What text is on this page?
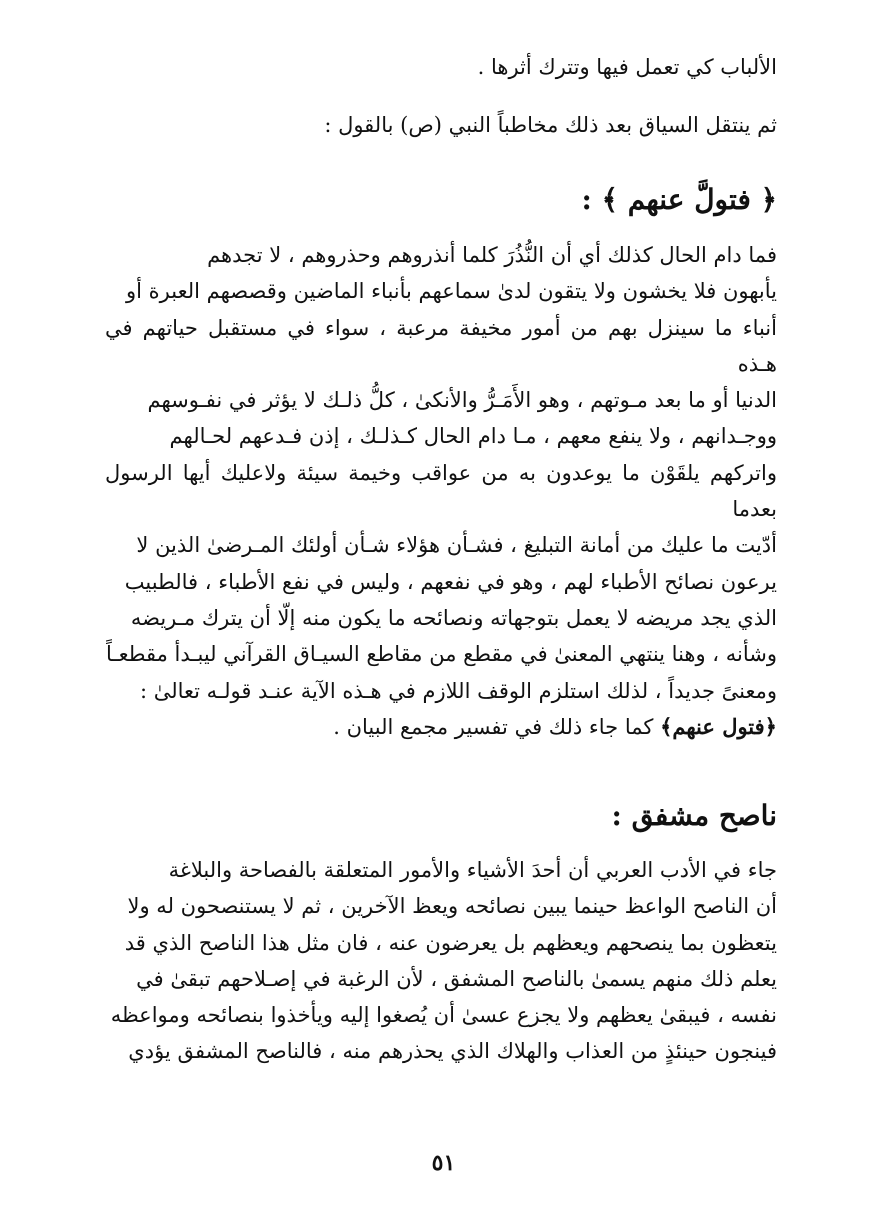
الألباب كي تعمل فيها وتترك أثرها .
ثم ينتقل السياق بعد ذلك مخاطباً النبي (ص) بالقول :
﴿ فتولَّ عنهم ﴾ :
فما دام الحال كذلك أي أن النُّذُرَ كلما أنذروهم وحذروهم ، لا تجدهم
يأبهون فلا يخشون ولا يتقون لدىٰ سماعهم بأنباء الماضين وقصصهم العبرة أو
أنباء ما سينزل بهم من أمور مخيفة مرعبة ، سواء في مستقبل حياتهم في هـذه
الدنيا أو ما بعد مـوتهم ، وهو الأَمَـرُّ والأنكىٰ ، كلُّ ذلـك لا يؤثر في نفـوسهم
ووجـدانهم ، ولا ينفع معهم ، مـا دام الحال كـذلـك ، إذن فـدعهم لحـالهم
واتركهم يلقَوْن ما يوعدون به من عواقب وخيمة سيئة ولاعليك أيها الرسول بعدما
أدّيت ما عليك من أمانة التبليغ ، فشـأن هؤلاء شـأن أولئك المـرضىٰ الذين لا
يرعون نصائح الأطباء لهم ، وهو في نفعهم ، وليس في نفع الأطباء ، فالطبيب
الذي يجد مريضه لا يعمل بتوجهاته ونصائحه ما يكون منه إلّا أن يترك مـريضه
وشأنه ، وهنا ينتهي المعنىٰ في مقطع من مقاطع السيـاق القرآني ليبـدأ مقطعـاً
ومعنىً جديداً ، لذلك استلزم الوقف اللازم في هـذه الآية عنـد قولـه تعالىٰ :
﴿فتول عنهم﴾ كما جاء ذلك في تفسير مجمع البيان .
ناصح مشفق :
جاء في الأدب العربي أن أحدَ الأشياء والأمور المتعلقة بالفصاحة والبلاغة
أن الناصح الواعظ حينما يبين نصائحه ويعظ الآخرين ، ثم لا يستنصحون له ولا
يتعظون بما ينصحهم ويعظهم بل يعرضون عنه ، فان مثل هذا الناصح الذي قد
يعلم ذلك منهم يسمىٰ بالناصح المشفق ، لأن الرغبة في إصـلاحهم تبقىٰ في
نفسه ، فيبقىٰ يعظهم ولا يجزع عسىٰ أن يُصغوا إليه ويأخذوا بنصائحه ومواعظه
فينجون حينئذٍ من العذاب والهلاك الذي يحذرهم منه ، فالناصح المشفق يؤدي
٥١
